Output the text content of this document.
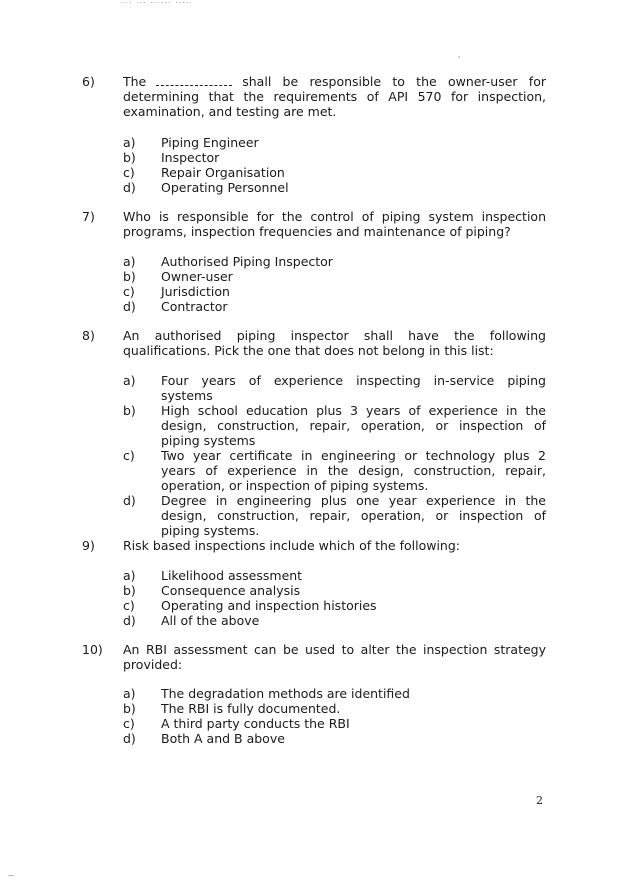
... ... ...... .....
6) The	shall be responsible to the owner-user for

determining that the requirements of API 570 for inspection, examination, and testing are met.

a)	Piping Engineer
b)	Inspector
c)	Repair Organisation
d)	Operating Personnel
7) Who is responsible for the control of piping system inspection programs, inspection frequencies and maintenance of piping?

a)	Authorised Piping Inspector
b)	Owner-user
c)	Jurisdiction
d)	Contractor
8) An authorised piping inspector shall have the following qualifications. Pick the one that does not belong in this list:

a)	Four years of experience inspecting in-service piping systems
b)	High school education plus 3 years of experience in the design, construction, repair, operation, or inspection of piping systems
c)	Two year certificate in engineering or technology plus 2 years of experience in the design, construction, repair, operation, or inspection of piping systems.
d)	Degree in engineering plus one year experience in the design, construction, repair, operation, or inspection of piping systems.
9) Risk based inspections include which of the following:

a)	Likelihood assessment
b)	Consequence analysis
c)	Operating and inspection histories
d)	All of the above
10) An RBI assessment can be used to alter the inspection strategy provided:

a)	The degradation methods are identified
b)	The RBI is fully documented.
c)	A third party conducts the RBI
d)	Both A and B above
2
